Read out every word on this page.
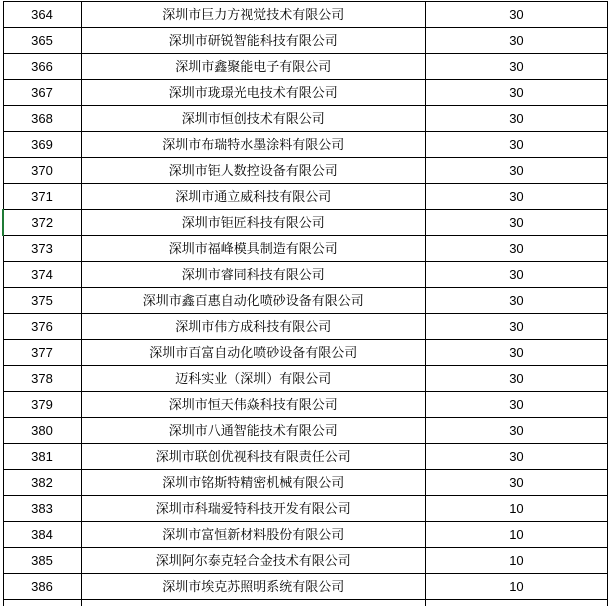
364	深圳市巨力方视觉技术有限公司	30
365	深圳市研锐智能科技有限公司	30
366	深圳市鑫聚能电子有限公司	30
367	深圳市珑璟光电技术有限公司	30
368	深圳市恒创技术有限公司	30
369	深圳市布瑞特水墨涂料有限公司	30
370	深圳市钜人数控设备有限公司	30
371	深圳市通立威科技有限公司	30
372	深圳市钜匠科技有限公司	30
373	深圳市福峰模具制造有限公司	30
374	深圳市睿同科技有限公司	30
375	深圳市鑫百惠自动化喷砂设备有限公司	30
376	深圳市伟方成科技有限公司	30
377	深圳市百富自动化喷砂设备有限公司	30
378	迈科实业（深圳）有限公司	30
379	深圳市恒天伟焱科技有限公司	30
380	深圳市八通智能技术有限公司	30
381	深圳市联创优视科技有限责任公司	30
382	深圳市铭斯特精密机械有限公司	30
383	深圳市科瑞爱特科技开发有限公司	10
384	深圳市富恒新材料股份有限公司	10
385	深圳阿尔泰克轻合金技术有限公司	10
386	深圳市埃克苏照明系统有限公司	10
